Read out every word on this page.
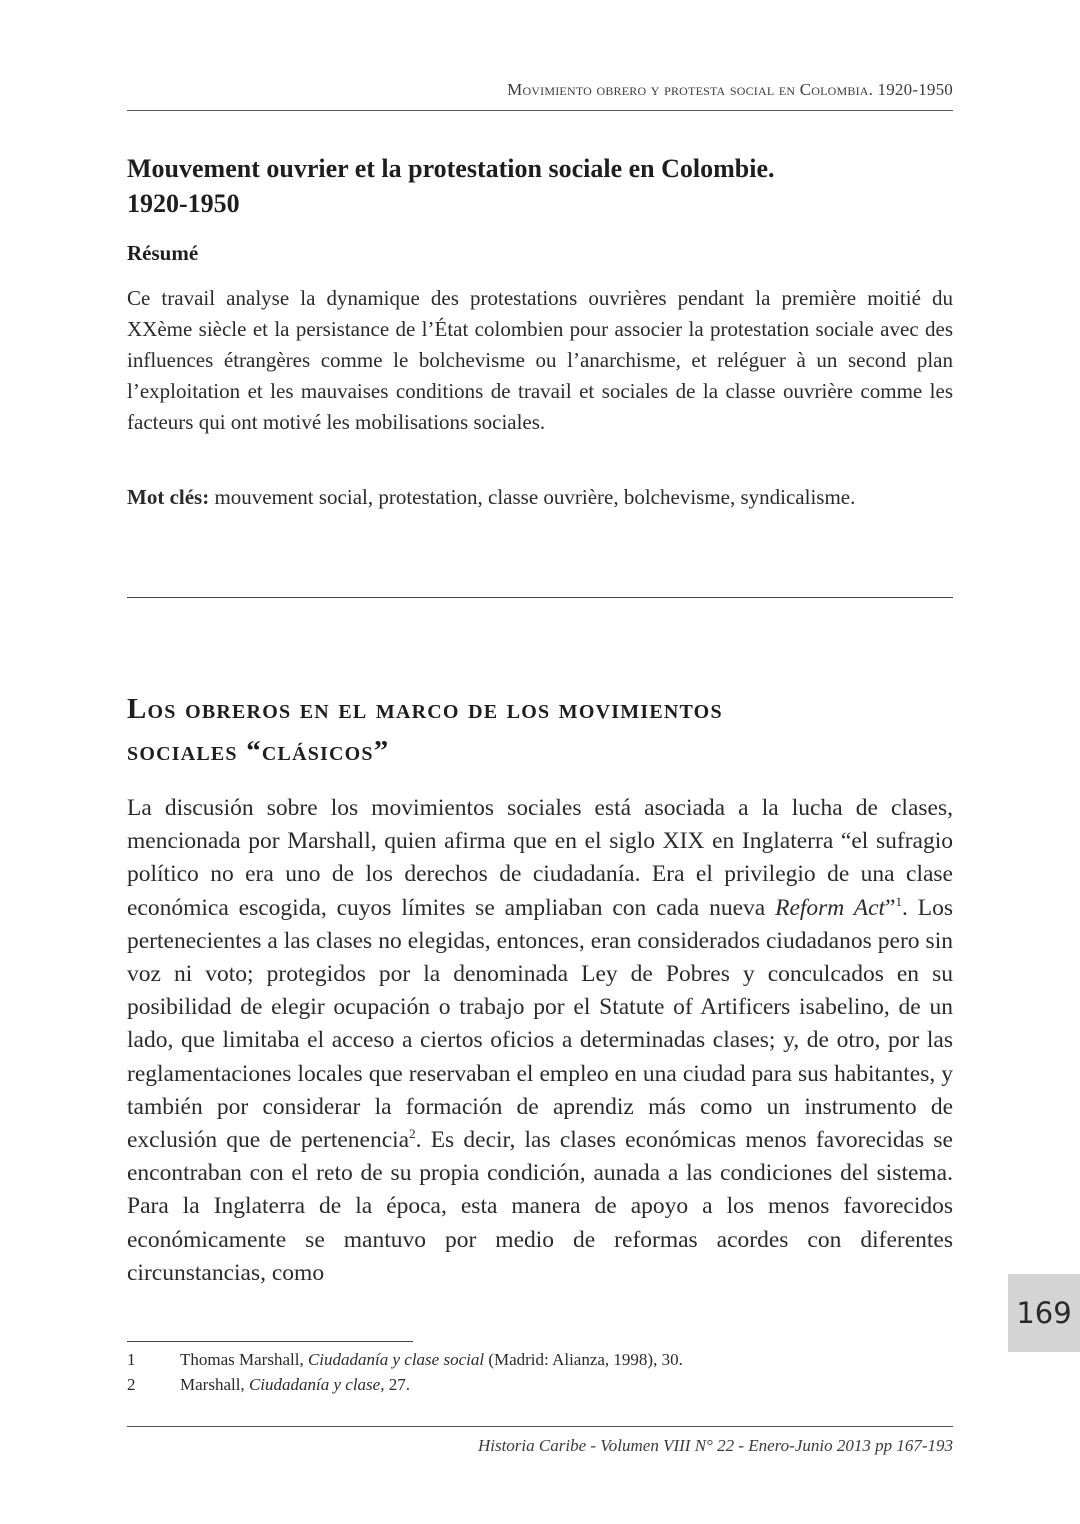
Movimiento obrero y protesta social en Colombia. 1920-1950
Mouvement ouvrier et la protestation sociale en Colombie.
1920-1950
Résumé

Ce travail analyse la dynamique des protestations ouvrières pendant la première moitié du XXème siècle et la persistance de l’État colombien pour associer la protestation sociale avec des influences étrangères comme le bolchevisme ou l’anarchisme, et reléguer à un second plan l’exploitation et les mauvaises conditions de travail et sociales de la classe ouvrière comme les facteurs qui ont motivé les mobilisations sociales.

Mot clés: mouvement social, protestation, classe ouvrière, bolchevisme, syndicalisme.

Los obreros en el marco de los movimientos
sociales “clásicos”

La discusión sobre los movimientos sociales está asociada a la lucha de clases, mencionada por Marshall, quien afirma que en el siglo XIX en Inglaterra “el sufragio político no era uno de los derechos de ciudadanía. Era el privilegio de una clase económica escogida, cuyos límites se ampliaban con cada nueva Reform Act”$^1$. Los pertenecientes a las clases no elegidas, entonces, eran considerados ciudadanos pero sin voz ni voto; protegidos por la denominada Ley de Pobres y conculcados en su posibilidad de elegir ocupación o trabajo por el Statute of Artificers isabelino, de un lado, que limitaba el acceso a ciertos oficios a determinadas clases; y, de otro, por las reglamentaciones locales que reservaban el empleo en una ciudad para sus habitantes, y también por considerar la formación de aprendiz más como un instrumento de exclusión que de pertenencia$^2$. Es decir, las clases económicas menos favorecidas se encontraban con el reto de su propia condición, aunada a las condiciones del sistema. Para la Inglaterra de la época, esta manera de apoyo a los menos favorecidos económicamente se mantuvo por medio de reformas acordes con diferentes circunstancias, como

1	Thomas Marshall, Ciudadanía y clase social (Madrid: Alianza, 1998), 30.
2	Marshall, Ciudadanía y clase, 27.
Historia Caribe - Volumen VIII N° 22 - Enero-Junio 2013 pp 167-193
169
